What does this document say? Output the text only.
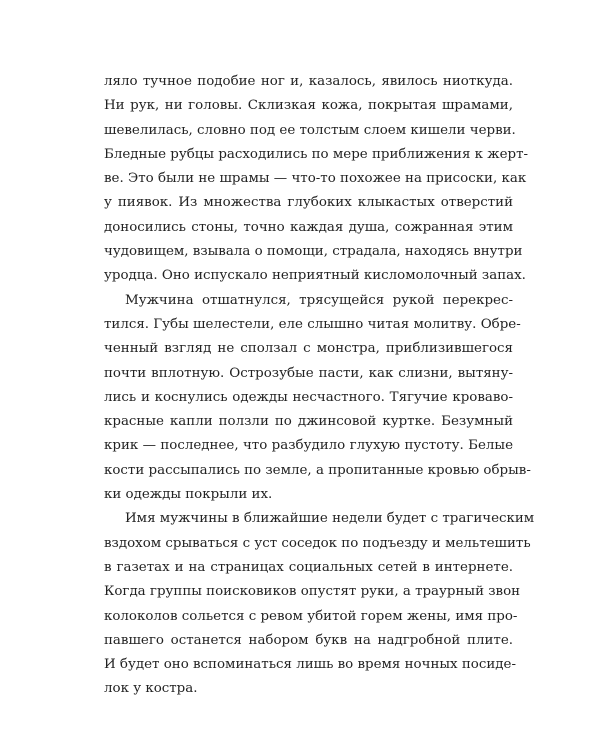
ляло тучное подобие ног и, казалось, явилось ниоткуда.
Ни рук, ни головы. Склизкая кожа, покрытая шрамами,
шевелилась, словно под ее толстым слоем кишели черви.
Бледные рубцы расходились по мере приближения к жерт-
ве. Это были не шрамы — что-то похожее на присоски, как
у пиявок. Из множества глубоких клыкастых отверстий
доносились стоны, точно каждая душа, сожранная этим
чудовищем, взывала о помощи, страдала, находясь внутри
уродца. Оно испускало неприятный кисломолочный запах.
Мужчина отшатнулся, трясущейся рукой перекрес-
тился. Губы шелестели, еле слышно читая молитву. Обре-
ченный взгляд не сползал с монстра, приблизившегося
почти вплотную. Острозубые пасти, как слизни, вытяну-
лись и коснулись одежды несчастного. Тягучие кроваво-
красные капли ползли по джинсовой куртке. Безумный
крик — последнее, что разбудило глухую пустоту. Белые
кости рассыпались по земле, а пропитанные кровью обрыв-
ки одежды покрыли их.
Имя мужчины в ближайшие недели будет с трагическим
вздохом срываться с уст соседок по подъезду и мельтешить
в газетах и на страницах социальных сетей в интернете.
Когда группы поисковиков опустят руки, а траурный звон
колоколов сольется с ревом убитой горем жены, имя про-
павшего останется набором букв на надгробной плите.
И будет оно вспоминаться лишь во время ночных посиде-
лок у костра.
